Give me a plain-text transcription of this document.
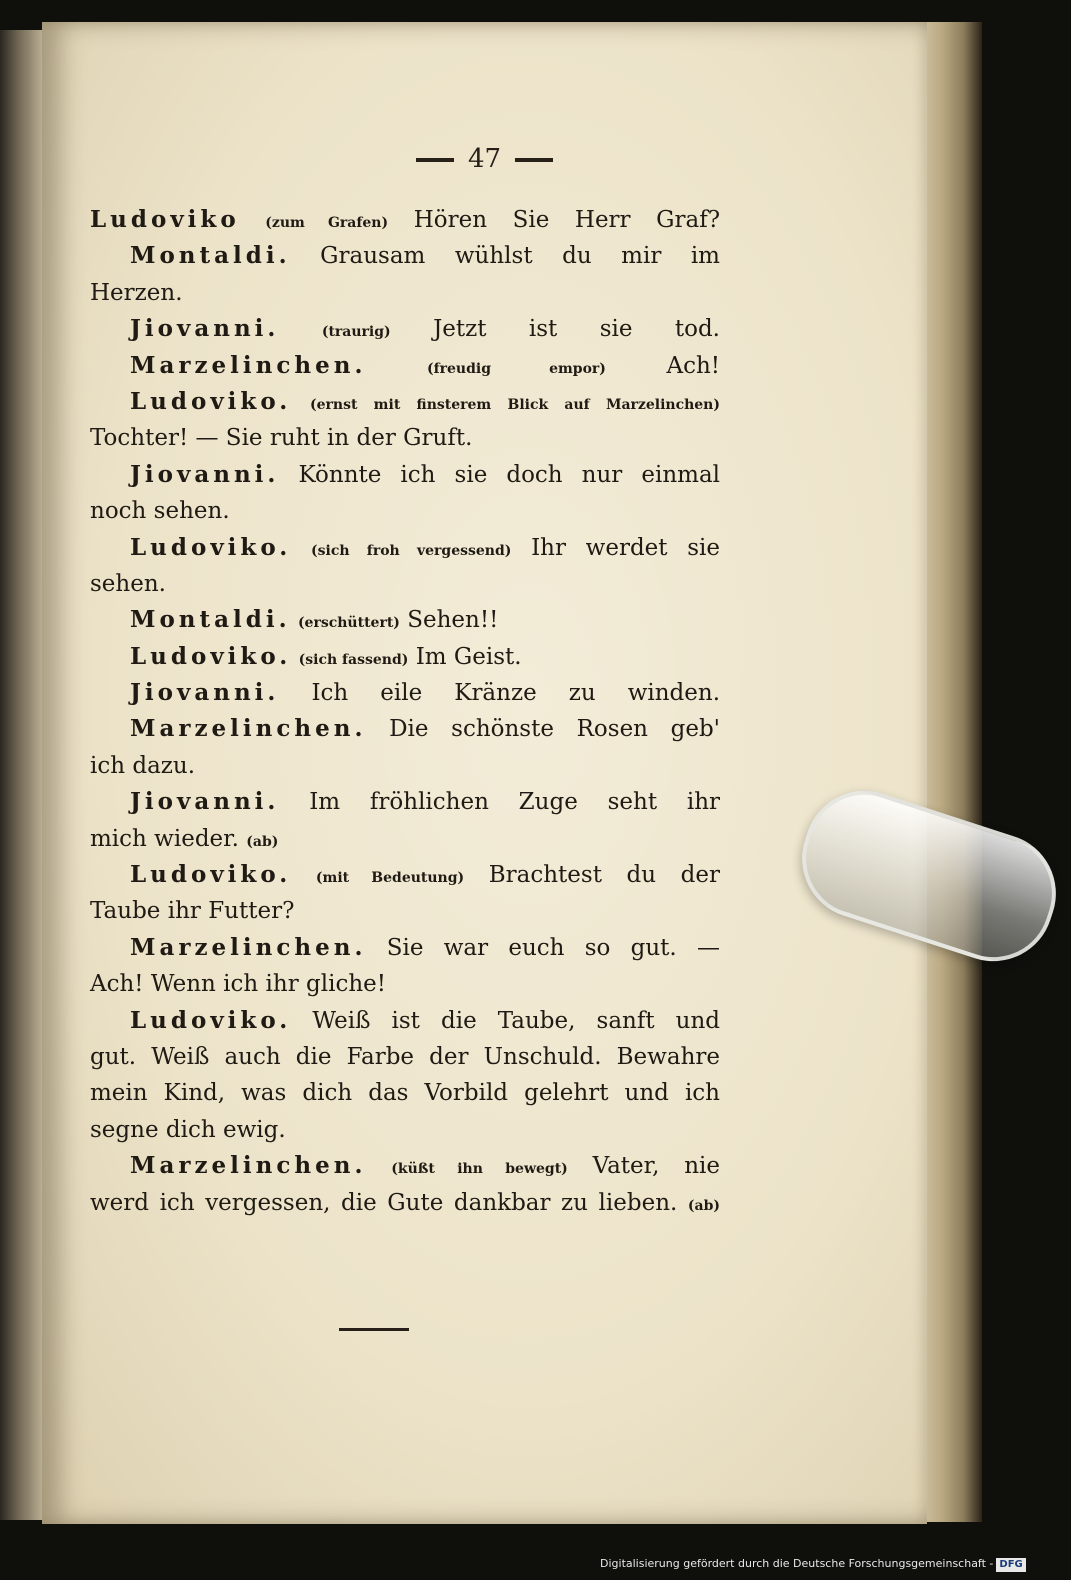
47
Ludoviko (zum Grafen) Hören Sie Herr Graf?
Montaldi. Grausam wühlst du mir im
Herzen.
Jiovanni.	(traurig) Jetzt ist sie tod.
Marzelinchen.	(freudig empor)	Ach!
Ludoviko. (ernst mit finsterem Blick auf Marzelinchen)
Tochter! — Sie ruht in der Gruft.
Jiovanni. Könnte ich sie doch nur einmal
noch sehen.
Ludoviko. (sich froh vergessend) Ihr werdet sie
sehen.
Montaldi. (erschüttert) Sehen!!
Ludoviko. (sich fassend) Im Geist.
Jiovanni. Ich eile Kränze zu winden.
Marzelinchen. Die schönste Rosen geb'
ich dazu.
Jiovanni. Im fröhlichen Zuge seht ihr
mich wieder. (ab)
Ludoviko. (mit Bedeutung) Brachtest du der
Taube ihr Futter?
Marzelinchen. Sie war euch so gut. —
Ach! Wenn ich ihr gliche!
Ludoviko. Weiß ist die Taube, sanft und
gut. Weiß auch die Farbe der Unschuld. Bewahre
mein Kind, was dich das Vorbild gelehrt und ich
segne dich ewig.
Marzelinchen. (küßt ihn bewegt) Vater, nie
werd ich vergessen, die Gute dankbar zu lieben. (ab)
Digitalisierung gefördert durch die Deutsche Forschungsgemeinschaft - DFG
